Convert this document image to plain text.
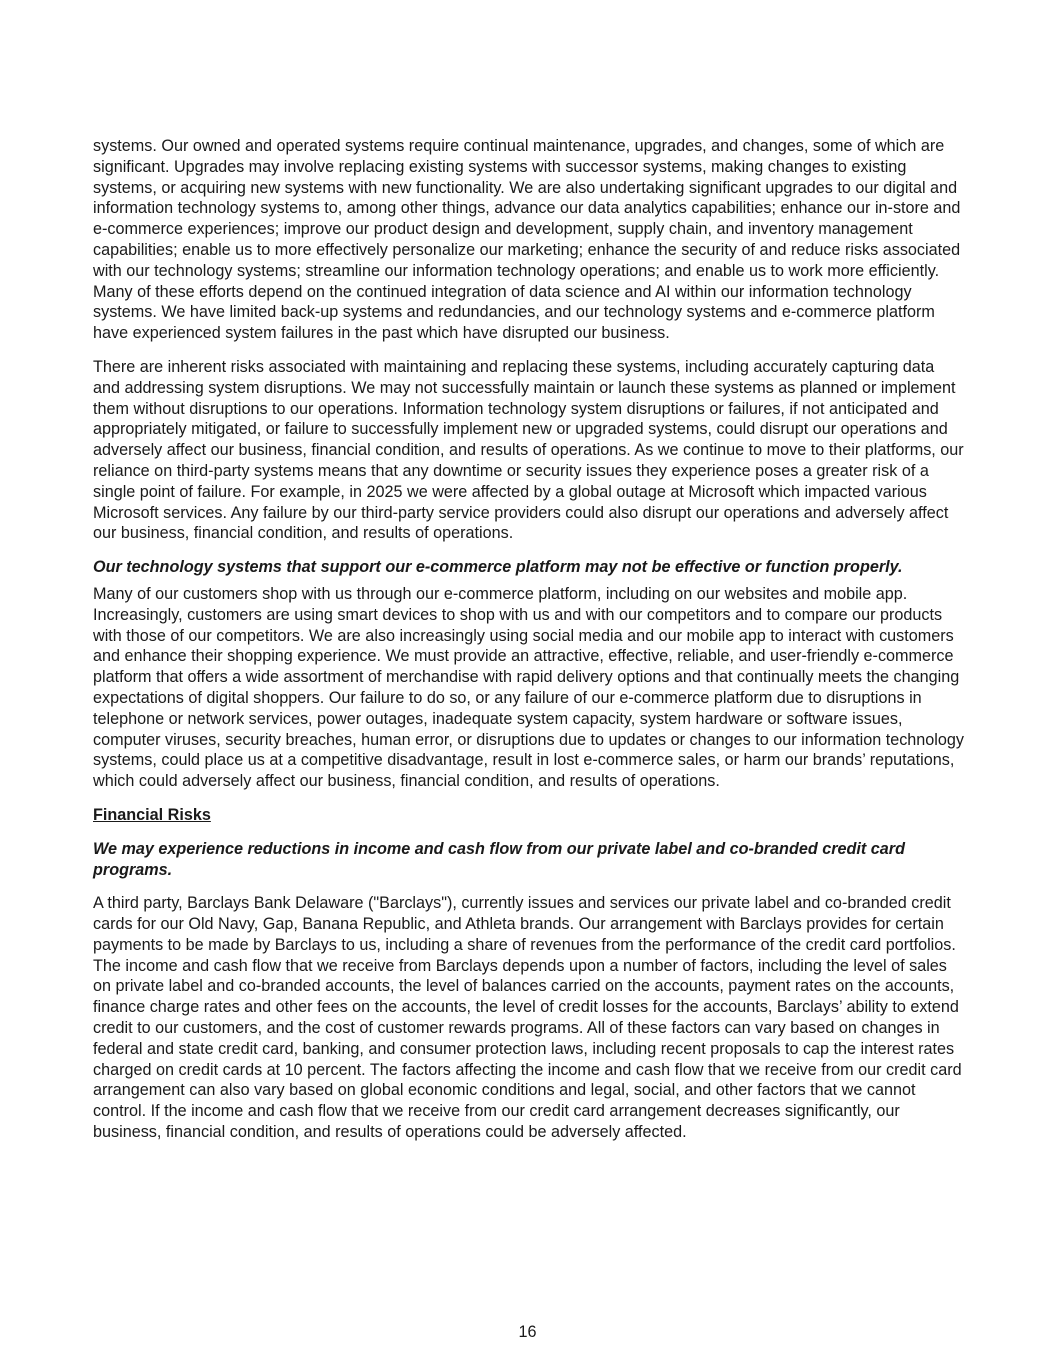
systems. Our owned and operated systems require continual maintenance, upgrades, and changes, some of which are significant. Upgrades may involve replacing existing systems with successor systems, making changes to existing systems, or acquiring new systems with new functionality. We are also undertaking significant upgrades to our digital and information technology systems to, among other things, advance our data analytics capabilities; enhance our in-store and e-commerce experiences; improve our product design and development, supply chain, and inventory management capabilities; enable us to more effectively personalize our marketing; enhance the security of and reduce risks associated with our technology systems; streamline our information technology operations; and enable us to work more efficiently. Many of these efforts depend on the continued integration of data science and AI within our information technology systems. We have limited back-up systems and redundancies, and our technology systems and e-commerce platform have experienced system failures in the past which have disrupted our business.

There are inherent risks associated with maintaining and replacing these systems, including accurately capturing data and addressing system disruptions. We may not successfully maintain or launch these systems as planned or implement them without disruptions to our operations. Information technology system disruptions or failures, if not anticipated and appropriately mitigated, or failure to successfully implement new or upgraded systems, could disrupt our operations and adversely affect our business, financial condition, and results of operations. As we continue to move to their platforms, our reliance on third-party systems means that any downtime or security issues they experience poses a greater risk of a single point of failure. For example, in 2025 we were affected by a global outage at Microsoft which impacted various Microsoft services. Any failure by our third-party service providers could also disrupt our operations and adversely affect our business, financial condition, and results of operations.

Our technology systems that support our e-commerce platform may not be effective or function properly.

Many of our customers shop with us through our e-commerce platform, including on our websites and mobile app. Increasingly, customers are using smart devices to shop with us and with our competitors and to compare our products with those of our competitors. We are also increasingly using social media and our mobile app to interact with customers and enhance their shopping experience. We must provide an attractive, effective, reliable, and user-friendly e-commerce platform that offers a wide assortment of merchandise with rapid delivery options and that continually meets the changing expectations of digital shoppers. Our failure to do so, or any failure of our e-commerce platform due to disruptions in telephone or network services, power outages, inadequate system capacity, system hardware or software issues, computer viruses, security breaches, human error, or disruptions due to updates or changes to our information technology systems, could place us at a competitive disadvantage, result in lost e-commerce sales, or harm our brands’ reputations, which could adversely affect our business, financial condition, and results of operations.

Financial Risks

We may experience reductions in income and cash flow from our private label and co-branded credit card programs.

A third party, Barclays Bank Delaware ("Barclays"), currently issues and services our private label and co-branded credit cards for our Old Navy, Gap, Banana Republic, and Athleta brands. Our arrangement with Barclays provides for certain payments to be made by Barclays to us, including a share of revenues from the performance of the credit card portfolios. The income and cash flow that we receive from Barclays depends upon a number of factors, including the level of sales on private label and co-branded accounts, the level of balances carried on the accounts, payment rates on the accounts, finance charge rates and other fees on the accounts, the level of credit losses for the accounts, Barclays’ ability to extend credit to our customers, and the cost of customer rewards programs. All of these factors can vary based on changes in federal and state credit card, banking, and consumer protection laws, including recent proposals to cap the interest rates charged on credit cards at 10 percent. The factors affecting the income and cash flow that we receive from our credit card arrangement can also vary based on global economic conditions and legal, social, and other factors that we cannot control. If the income and cash flow that we receive from our credit card arrangement decreases significantly, our business, financial condition, and results of operations could be adversely affected.

16
